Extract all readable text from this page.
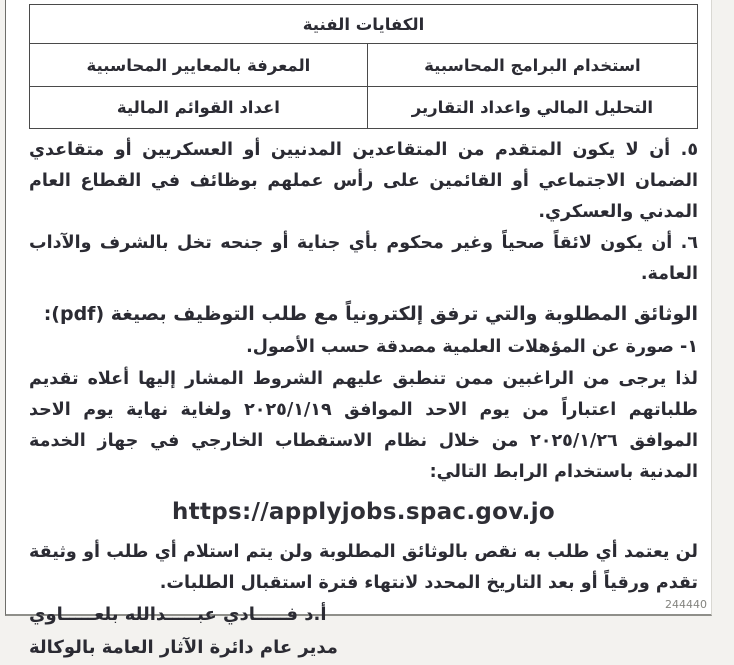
الكفايات الفنية
استخدام البرامج المحاسبية
المعرفة بالمعايير المحاسبية
التحليل المالي واعداد التقارير
اعداد القوائم المالية

٥. أن لا يكون المتقدم من المتقاعدين المدنيين أو العسكريين أو متقاعدي الضمان الاجتماعي أو القائمين على رأس عملهم بوظائف في القطاع العام المدني والعسكري.

٦. أن يكون لائقاً صحياً وغير محكوم بأي جناية أو جنحه تخل بالشرف والآداب العامة.

الوثائق المطلوبة والتي ترفق إلكترونياً مع طلب التوظيف بصيغة (pdf):

١- صورة عن المؤهلات العلمية مصدقة حسب الأصول.

لذا يرجى من الراغبين ممن تنطبق عليهم الشروط المشار إليها أعلاه تقديم طلباتهم اعتباراً من يوم الاحد الموافق ٢٠٢٥/١/١٩ ولغاية نهاية يوم الاحد الموافق ٢٠٢٥/١/٢٦ من خلال نظام الاستقطاب الخارجي في جهاز الخدمة المدنية باستخدام الرابط التالي:

https://applyjobs.spac.gov.jo

لن يعتمد أي طلب به نقص بالوثائق المطلوبة ولن يتم استلام أي طلب أو وثيقة تقدم ورقياً أو بعد التاريخ المحدد لانتهاء فترة استقبال الطلبات.

أ.د فـــــادي عبـــــدالله بلعـــــاوي
مدير عام دائرة الآثار العامة بالوكالة
244440
